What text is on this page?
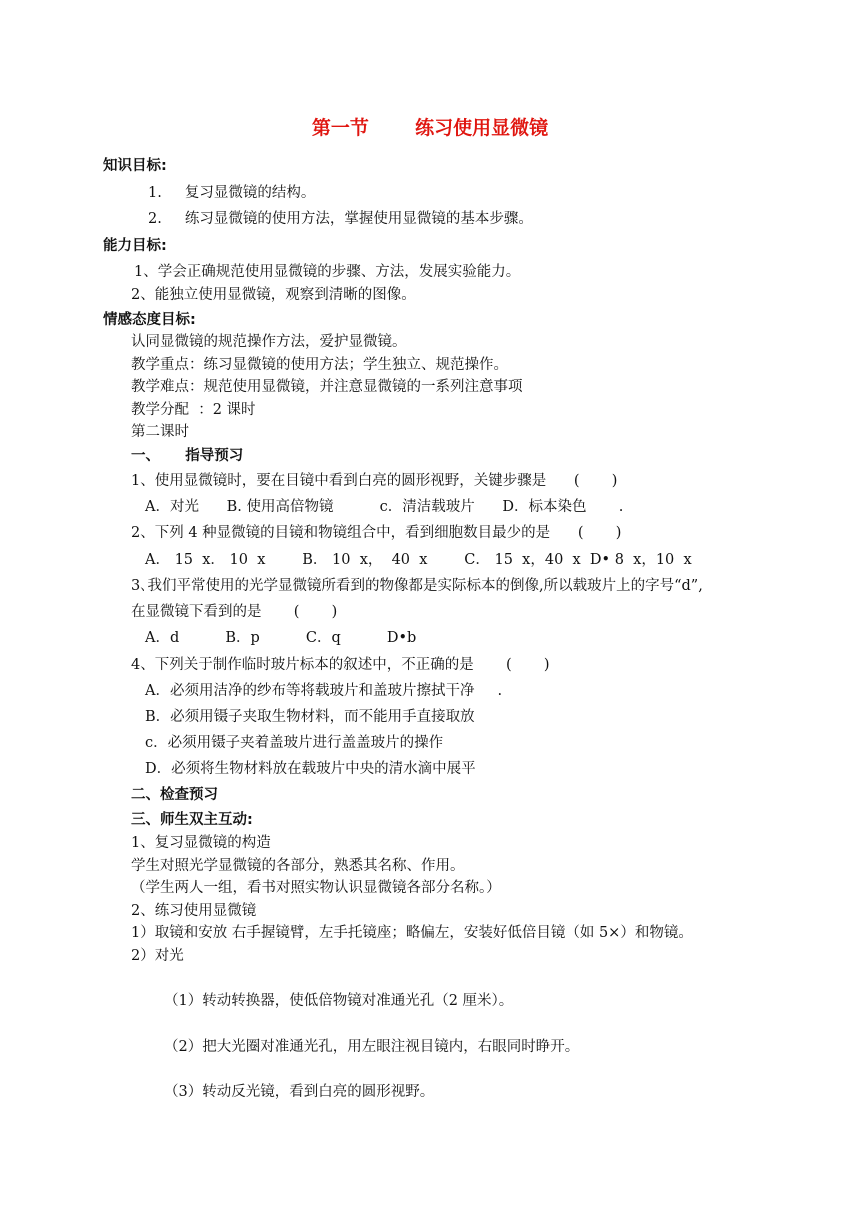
第一节       练习使用显微镜
知识目标:
1.     复习显微镜的结构。
2.     练习显微镜的使用方法，掌握使用显微镜的基本步骤。
能力目标:
1、学会正确规范使用显微镜的步骤、方法，发展实验能力。
2、能独立使用显微镜，观察到清晰的图像。
情感态度目标:
认同显微镜的规范操作方法，爱护显微镜。
教学重点：练习显微镜的使用方法；学生独立、规范操作。
教学难点：规范使用显微镜，并注意显微镜的一系列注意事项
教学分配  ：2 课时
第二课时
一、     指导预习
1、使用显微镜时，要在目镜中看到白亮的圆形视野，关键步骤是      (       )
A．对光      B. 使用高倍物镜          c．清洁载玻片      D．标本染色       .
2、下列 4 种显微镜的目镜和物镜组合中，看到细胞数目最少的是      (       )
A． 15  x． 10  x        B． 10  x，  40  x        C． 15  x，40  x  D• 8  x，10  x
3､我们平常使用的光学显微镜所看到的物像都是实际标本的倒像,所以载玻片上的字号“d”,
在显微镜下看到的是       (       )
A．d          B．p          C．q          D•b
4、下列关于制作临时玻片标本的叙述中，不正确的是       (       )
A．必须用洁净的纱布等将载玻片和盖玻片擦拭干净     .
B．必须用镊子夹取生物材料，而不能用手直接取放
c．必须用镊子夹着盖玻片进行盖盖玻片的操作
D．必须将生物材料放在载玻片中央的清水滴中展平
二、检查预习
三、师生双主互动:
1、复习显微镜的构造
学生对照光学显微镜的各部分，熟悉其名称、作用。
（学生两人一组，看书对照实物认识显微镜各部分名称。）
2、练习使用显微镜
1）取镜和安放 右手握镜臂，左手托镜座；略偏左，安装好低倍目镜（如 5×）和物镜。
2）对光
（1）转动转换器，使低倍物镜对准通光孔（2 厘米）。
（2）把大光圈对准通光孔，用左眼注视目镜内，右眼同时睁开。
（3）转动反光镜，看到白亮的圆形视野。
